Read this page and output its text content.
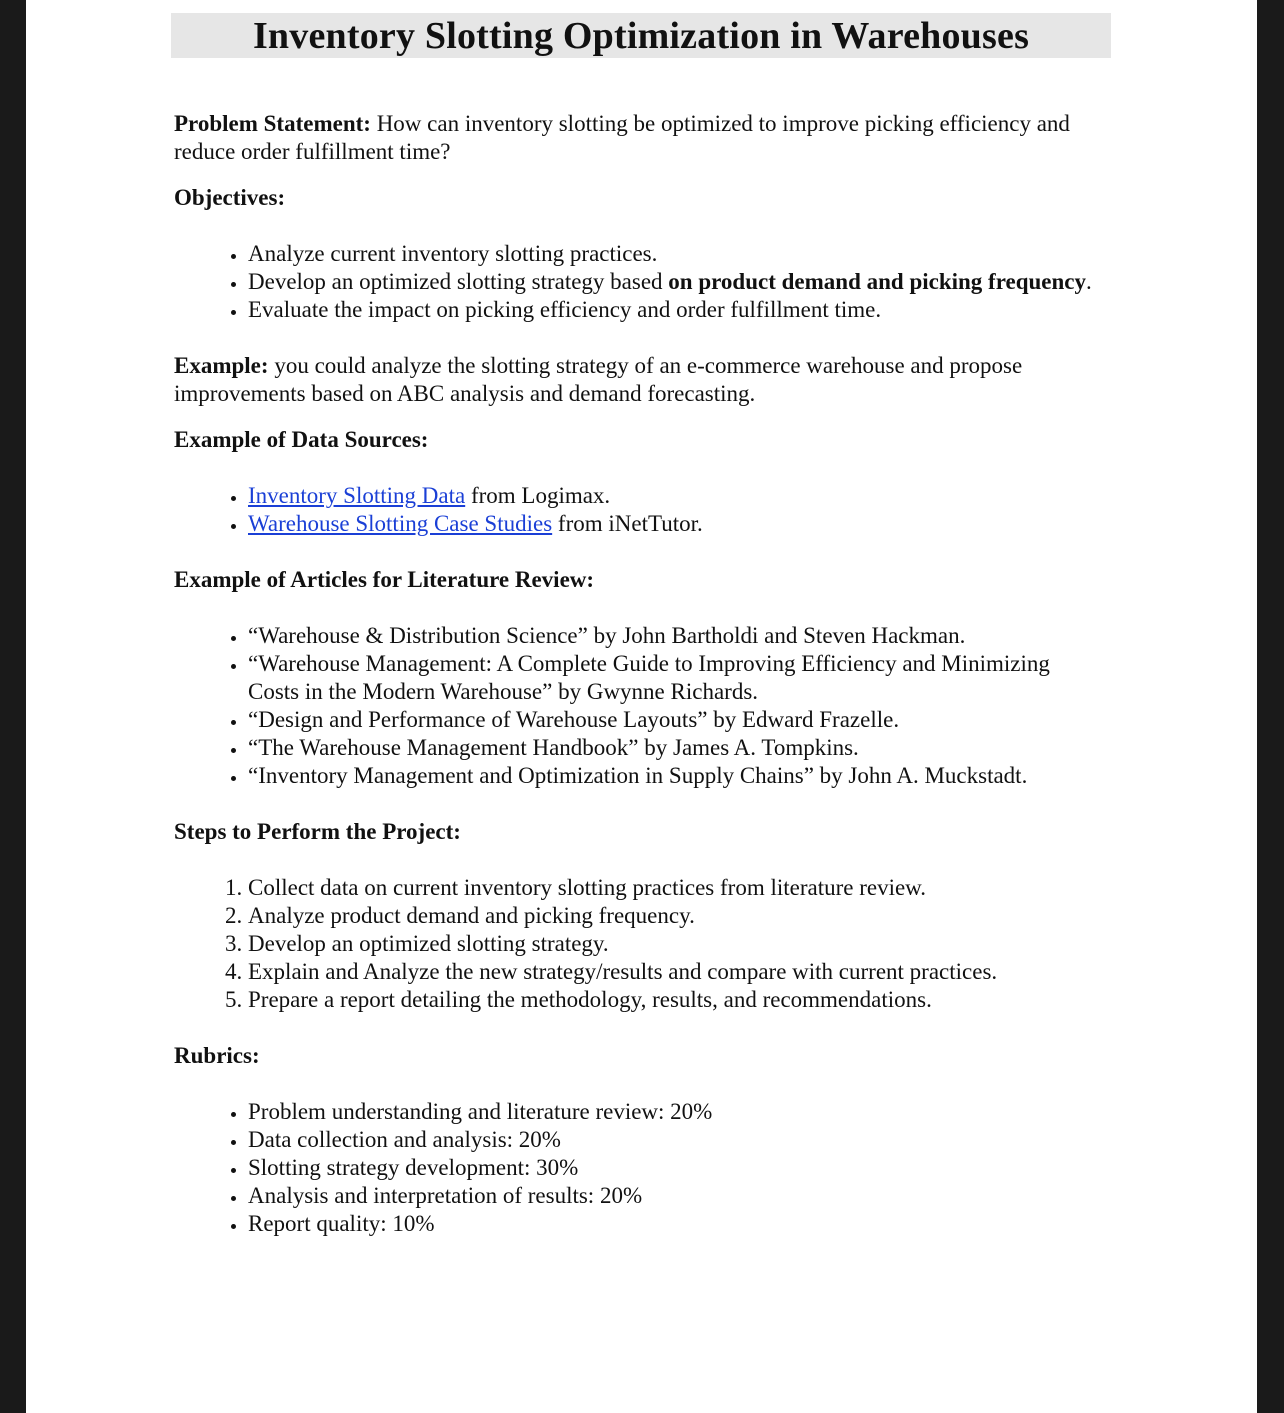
Inventory Slotting Optimization in Warehouses

Problem Statement: How can inventory slotting be optimized to improve picking efficiency and reduce order fulfillment time?

Objectives:

• Analyze current inventory slotting practices.
• Develop an optimized slotting strategy based on product demand and picking frequency.
• Evaluate the impact on picking efficiency and order fulfillment time.

Example: you could analyze the slotting strategy of an e-commerce warehouse and propose improvements based on ABC analysis and demand forecasting.

Example of Data Sources:

• Inventory Slotting Data from Logimax.
• Warehouse Slotting Case Studies from iNetTutor.

Example of Articles for Literature Review:

• “Warehouse & Distribution Science” by John Bartholdi and Steven Hackman.
• “Warehouse Management: A Complete Guide to Improving Efficiency and Minimizing Costs in the Modern Warehouse” by Gwynne Richards.
• “Design and Performance of Warehouse Layouts” by Edward Frazelle.
• “The Warehouse Management Handbook” by James A. Tompkins.
• “Inventory Management and Optimization in Supply Chains” by John A. Muckstadt.

Steps to Perform the Project:

1. Collect data on current inventory slotting practices from literature review.
2. Analyze product demand and picking frequency.
3. Develop an optimized slotting strategy.
4. Explain and Analyze the new strategy/results and compare with current practices.
5. Prepare a report detailing the methodology, results, and recommendations.

Rubrics:

• Problem understanding and literature review: 20%
• Data collection and analysis: 20%
• Slotting strategy development: 30%
• Analysis and interpretation of results: 20%
• Report quality: 10%
